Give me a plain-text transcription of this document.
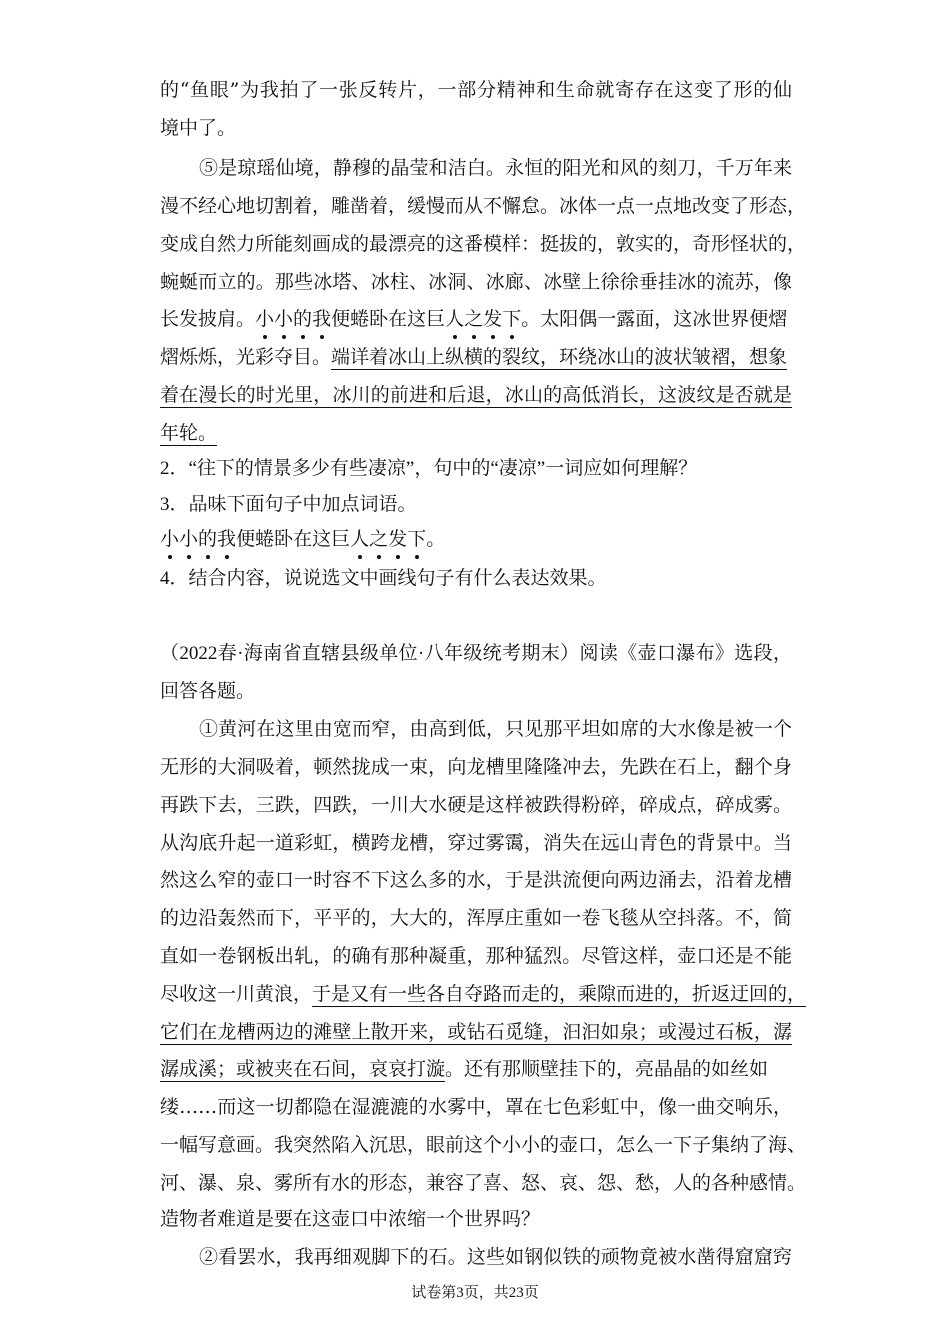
的“鱼眼”为我拍了一张反转片，一部分精神和生命就寄存在这变了形的仙
境中了。
⑤是琼瑶仙境，静穆的晶莹和洁白。永恒的阳光和风的刻刀，千万年来
漫不经心地切割着，雕凿着，缓慢而从不懈怠。冰体一点一点地改变了形态，
变成自然力所能刻画成的最漂亮的这番模样：挺拔的，敦实的，奇形怪状的，
蜿蜒而立的。那些冰塔、冰柱、冰洞、冰廊、冰壁上徐徐垂挂冰的流苏，像
长发披肩。小小的我便蜷卧在这巨人之发下。太阳偶一露面，这冰世界便熠
熠烁烁，光彩夺目。端详着冰山上纵横的裂纹，环绕冰山的波状皱褶，想象
着在漫长的时光里，冰川的前进和后退，冰山的高低消长，这波纹是否就是
年轮。
2．“往下的情景多少有些凄凉”，句中的“凄凉”一词应如何理解？
3．品味下面句子中加点词语。
小小的我便蜷卧在这巨人之发下。
4．结合内容，说说选文中画线句子有什么表达效果。
（2022春·海南省直辖县级单位·八年级统考期末）阅读《壶口瀑布》选段，
回答各题。
①黄河在这里由宽而窄，由高到低，只见那平坦如席的大水像是被一个
无形的大洞吸着，顿然拢成一束，向龙槽里隆隆冲去，先跌在石上，翻个身
再跌下去，三跌，四跌，一川大水硬是这样被跌得粉碎，碎成点，碎成雾。
从沟底升起一道彩虹，横跨龙槽，穿过雾霭，消失在远山青色的背景中。当
然这么窄的壶口一时容不下这么多的水，于是洪流便向两边涌去，沿着龙槽
的边沿轰然而下，平平的，大大的，浑厚庄重如一卷飞毯从空抖落。不，简
直如一卷钢板出轧，的确有那种凝重，那种猛烈。尽管这样，壶口还是不能
尽收这一川黄浪，于是又有一些各自夺路而走的，乘隙而进的，折返迂回的，
它们在龙槽两边的滩壁上散开来，或钻石觅缝，汩汩如泉；或漫过石板，潺
潺成溪；或被夹在石间，哀哀打漩。还有那顺壁挂下的，亮晶晶的如丝如
缕……而这一切都隐在湿漉漉的水雾中，罩在七色彩虹中，像一曲交响乐，
一幅写意画。我突然陷入沉思，眼前这个小小的壶口，怎么一下子集纳了海、
河、瀑、泉、雾所有水的形态，兼容了喜、怒、哀、怨、愁，人的各种感情。
造物者难道是要在这壶口中浓缩一个世界吗？
②看罢水，我再细观脚下的石。这些如钢似铁的顽物竟被水凿得窟窟窍
试卷第3页，共23页
